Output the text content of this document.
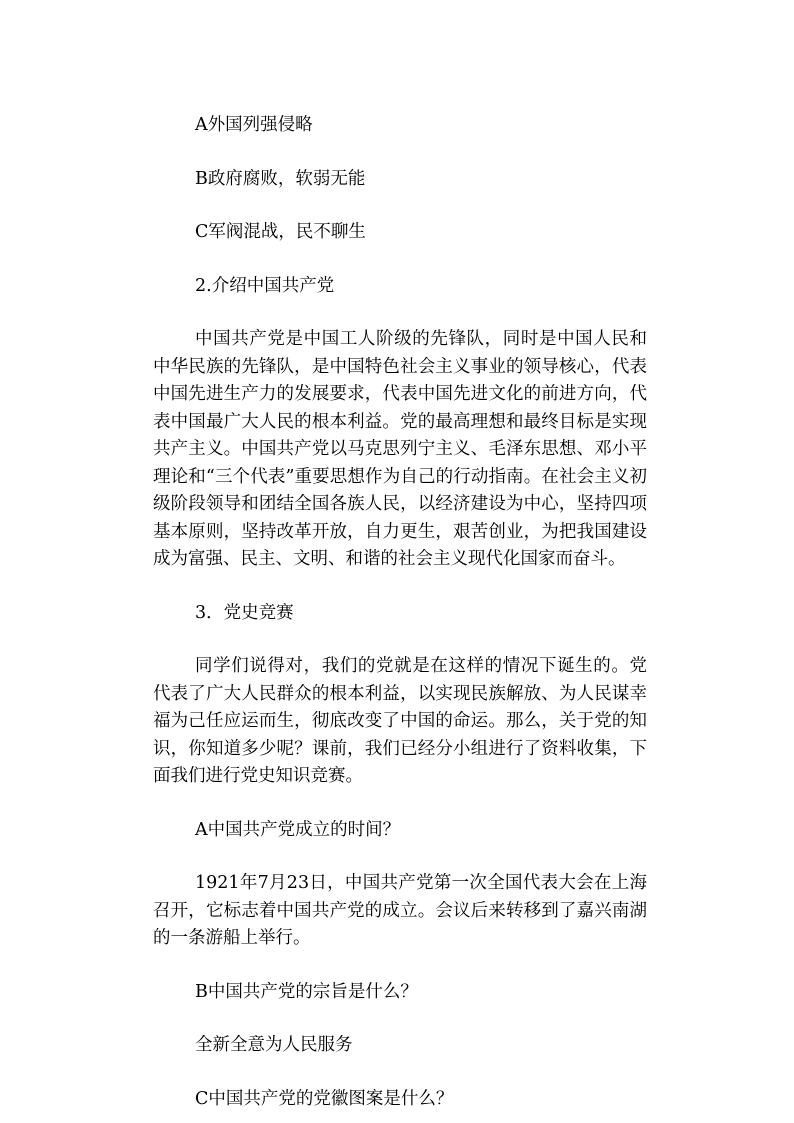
A外国列强侵略

B政府腐败，软弱无能

C军阀混战，民不聊生

2.介绍中国共产党

中国共产党是中国工人阶级的先锋队，同时是中国人民和中华民族的先锋队，是中国特色社会主义事业的领导核心，代表中国先进生产力的发展要求，代表中国先进文化的前进方向，代表中国最广大人民的根本利益。党的最高理想和最终目标是实现共产主义。中国共产党以马克思列宁主义、毛泽东思想、邓小平理论和“三个代表”重要思想作为自己的行动指南。在社会主义初级阶段领导和团结全国各族人民，以经济建设为中心，坚持四项基本原则，坚持改革开放，自力更生，艰苦创业，为把我国建设成为富强、民主、文明、和谐的社会主义现代化国家而奋斗。

3．党史竞赛

同学们说得对，我们的党就是在这样的情况下诞生的。党代表了广大人民群众的根本利益，以实现民族解放、为人民谋幸福为己任应运而生，彻底改变了中国的命运。那么，关于党的知识，你知道多少呢？课前，我们已经分小组进行了资料收集，下面我们进行党史知识竞赛。

A中国共产党成立的时间？

1921年7月23日，中国共产党第一次全国代表大会在上海召开，它标志着中国共产党的成立。会议后来转移到了嘉兴南湖的一条游船上举行。

B中国共产党的宗旨是什么？

全新全意为人民服务

C中国共产党的党徽图案是什么？
